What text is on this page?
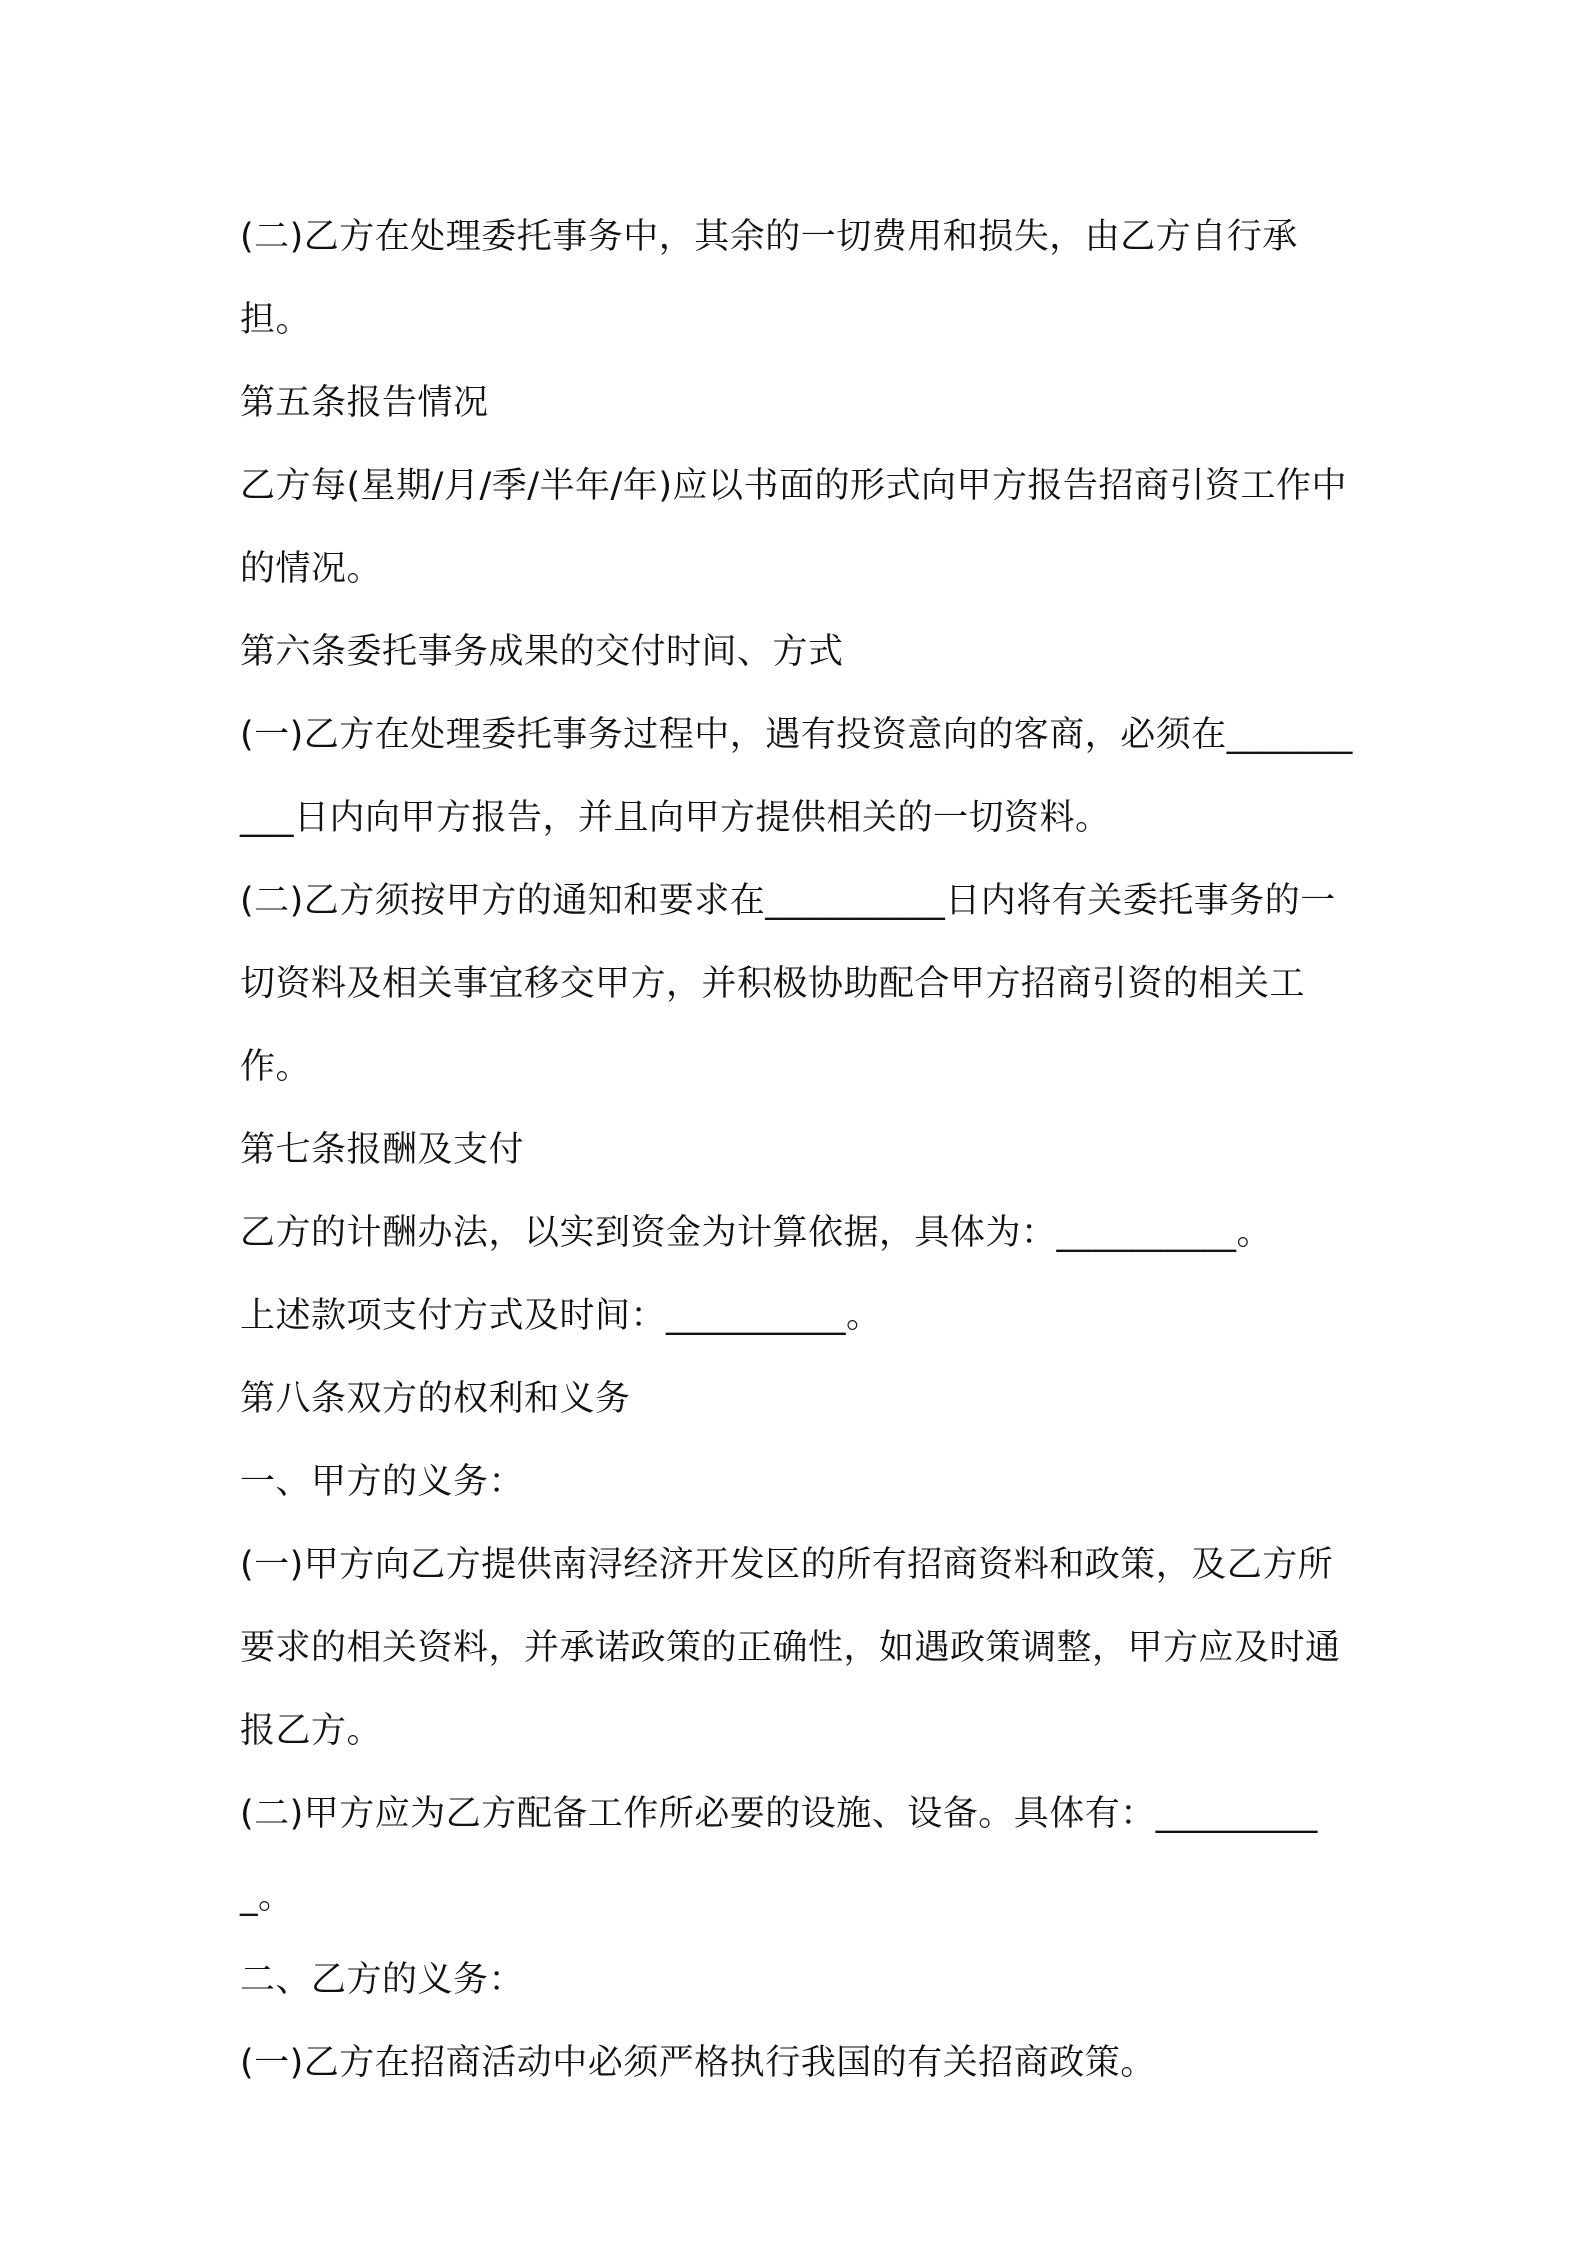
(二)乙方在处理委托事务中，其余的一切费用和损失，由乙方自行承担。

第五条报告情况

乙方每(星期/月/季/半年/年)应以书面的形式向甲方报告招商引资工作中的情况。

第六条委托事务成果的交付时间、方式

(一)乙方在处理委托事务过程中，遇有投资意向的客商，必须在__________日内向甲方报告，并且向甲方提供相关的一切资料。

(二)乙方须按甲方的通知和要求在__________日内将有关委托事务的一切资料及相关事宜移交甲方，并积极协助配合甲方招商引资的相关工作。

第七条报酬及支付

乙方的计酬办法，以实到资金为计算依据，具体为：__________。

上述款项支付方式及时间：__________。

第八条双方的权利和义务

一、甲方的义务：

(一)甲方向乙方提供南浔经济开发区的所有招商资料和政策，及乙方所要求的相关资料，并承诺政策的正确性，如遇政策调整，甲方应及时通报乙方。

(二)甲方应为乙方配备工作所必要的设施、设备。具体有：__________。

二、乙方的义务：

(一)乙方在招商活动中必须严格执行我国的有关招商政策。
